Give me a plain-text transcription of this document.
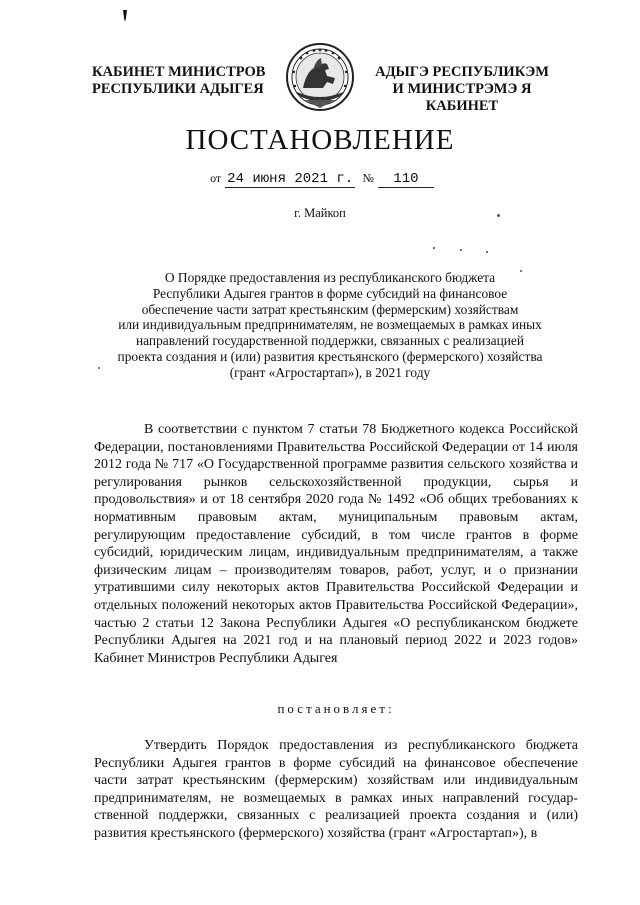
КАБИНЕТ МИНИСТРОВ
РЕСПУБЛИКИ АДЫГЕЯ
АДЫГЭ РЕСПУБЛИКЭМ
И МИНИСТРЭМЭ Я КАБИНЕТ
ПОСТАНОВЛЕНИЕ
от 24 июня 2021 г. № 110
г. Майкоп
О Порядке предоставления из республиканского бюджета
Республики Адыгея грантов в форме субсидий на финансовое
обеспечение части затрат крестьянским (фермерским) хозяйствам
или индивидуальным предпринимателям, не возмещаемых в рамках иных
направлений государственной поддержки, связанных с реализацией
проекта создания и (или) развития крестьянского (фермерского) хозяйства
(грант «Агростартап»), в 2021 году

В соответствии с пунктом 7 статьи 78 Бюджетного кодекса Российской Федерации, постановлениями Правительства Российской Федерации от 14 июля 2012 года № 717 «О Государственной программе развития сельского хозяйства и регулирования рынков сельскохозяйственной продукции, сырья и продовольствия» и от 18 сентября 2020 года № 1492 «Об общих требованиях к нормативным правовым актам, муниципальным правовым актам, регулирующим предоставление субсидий, в том числе грантов в форме субсидий, юридическим лицам, индивидуальным предпринимателям, а также физическим лицам – производителям товаров, работ, услуг, и о признании утратившими силу некоторых актов Правительства Российской Федерации и отдельных положений некоторых актов Правительства Российской Федерации», частью 2 статьи 12 Закона Республики Адыгея «О республиканском бюджете Республики Адыгея на 2021 год и на плановый период 2022 и 2023 годов» Кабинет Министров Республики Адыгея

постановляет:

Утвердить Порядок предоставления из республиканского бюджета Республики Адыгея грантов в форме субсидий на финансовое обеспечение части затрат крестьянским (фермерским) хозяйствам или индивидуальным предпринимателям, не возмещаемых в рамках иных направлений государственной поддержки, связанных с реализацией проекта создания и (или) развития крестьянского (фермерского) хозяйства (грант «Агростартап»), в
